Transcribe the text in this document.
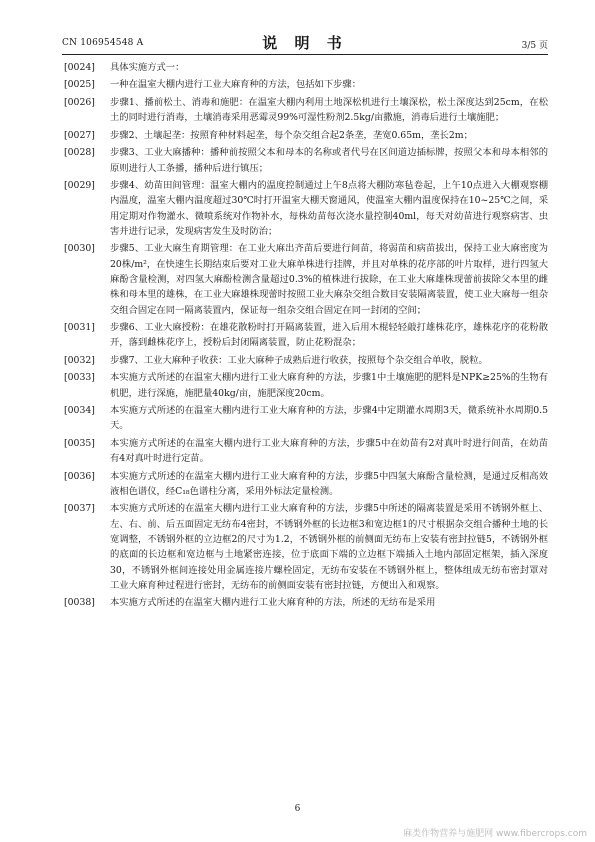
CN 106954548 A	说 明 书	3/5 页
[0024] 具体实施方式一：
[0025] 一种在温室大棚内进行工业大麻育种的方法，包括如下步骤：
[0026] 步骤1、播前松土、消毒和施肥：在温室大棚内利用土地深松机进行土壤深松，松土深度达到25cm，在松土的同时进行消毒，土壤消毒采用恶霉灵99%可湿性粉剂2.5kg/亩撒施，消毒后进行土壤施肥；
[0027] 步骤2、土壤起垄：按照育种材料起垄，每个杂交组合起2条垄，垄宽0.65m，垄长2m；
[0028] 步骤3、工业大麻播种：播种前按照父本和母本的名称或者代号在区间道边插标牌，按照父本和母本相邻的原则进行人工条播，播种后进行镇压；
[0029] 步骤4、幼苗田间管理：温室大棚内的温度控制通过上午8点将大棚防寒毡卷起，上午10点进入大棚观察棚内温度，温室大棚内温度超过30℃时打开温室大棚天窗通风，使温室大棚内温度保持在10~25℃之间，采用定期对作物灌水、微喷系统对作物补水，每株幼苗每次浇水量控制40ml，每天对幼苗进行观察病害、虫害并进行记录，发现病害发生及时防治；
[0030] 步骤5、工业大麻生育期管理：在工业大麻出齐苗后要进行间苗，将弱苗和病苗拔出，保持工业大麻密度为20株/m²，在快速生长期结束后要对工业大麻单株进行挂牌，并且对单株的花序部的叶片取样，进行四氢大麻酚含量检测，对四氢大麻酚检测含量超过0.3%的植株进行拔除，在工业大麻雄株现蕾前拔除父本里的雌株和母本里的雄株，在工业大麻雄株现蕾时按照工业大麻杂交组合数目安装隔离装置，使工业大麻每一组杂交组合固定在同一隔离装置内，保证每一组杂交组合固定在同一封闭的空间；
[0031] 步骤6、工业大麻授粉：在雄花散粉时打开隔离装置，进入后用木棍轻轻敲打雄株花序，雄株花序的花粉散开，落到雌株花序上，授粉后封闭隔离装置，防止花粉混杂；
[0032] 步骤7、工业大麻种子收获：工业大麻种子成熟后进行收获，按照每个杂交组合单收，脱粒。
[0033] 本实施方式所述的在温室大棚内进行工业大麻育种的方法，步骤1中土壤施肥的肥料是NPK≥25%的生物有机肥，进行深施，施肥量40kg/亩，施肥深度20cm。
[0034] 本实施方式所述的在温室大棚内进行工业大麻育种的方法，步骤4中定期灌水周期3天，微系统补水周期0.5天。
[0035] 本实施方式所述的在温室大棚内进行工业大麻育种的方法，步骤5中在幼苗有2对真叶时进行间苗，在幼苗有4对真叶时进行定苗。
[0036] 本实施方式所述的在温室大棚内进行工业大麻育种的方法，步骤5中四氢大麻酚含量检测，是通过反相高效液相色谱仪，经C₁₈色谱柱分离，采用外标法定量检测。
[0037] 本实施方式所述的在温室大棚内进行工业大麻育种的方法，步骤5中所述的隔离装置是采用不锈钢外框上、左、右、前、后五面固定无纺布4密封，不锈钢外框的长边框3和宽边框1的尺寸根据杂交组合播种土地的长宽调整，不锈钢外框的立边框2的尺寸为1.2，不锈钢外框的前侧面无纺布上安装有密封拉链5，不锈钢外框的底面的长边框和宽边框与土地紧密连接，位于底面下端的立边框下端插入土地内部固定框架，插入深度30，不锈钢外框间连接处用金属连接片螺栓固定，无纺布安装在不锈钢外框上，整体组成无纺布密封罩对工业大麻育种过程进行密封，无纺布的前侧面安装有密封拉链，方便出入和观察。
[0038] 本实施方式所述的在温室大棚内进行工业大麻育种的方法，所述的无纺布是采用
6
麻类作物营养与施肥网 www.fibercrops.com
